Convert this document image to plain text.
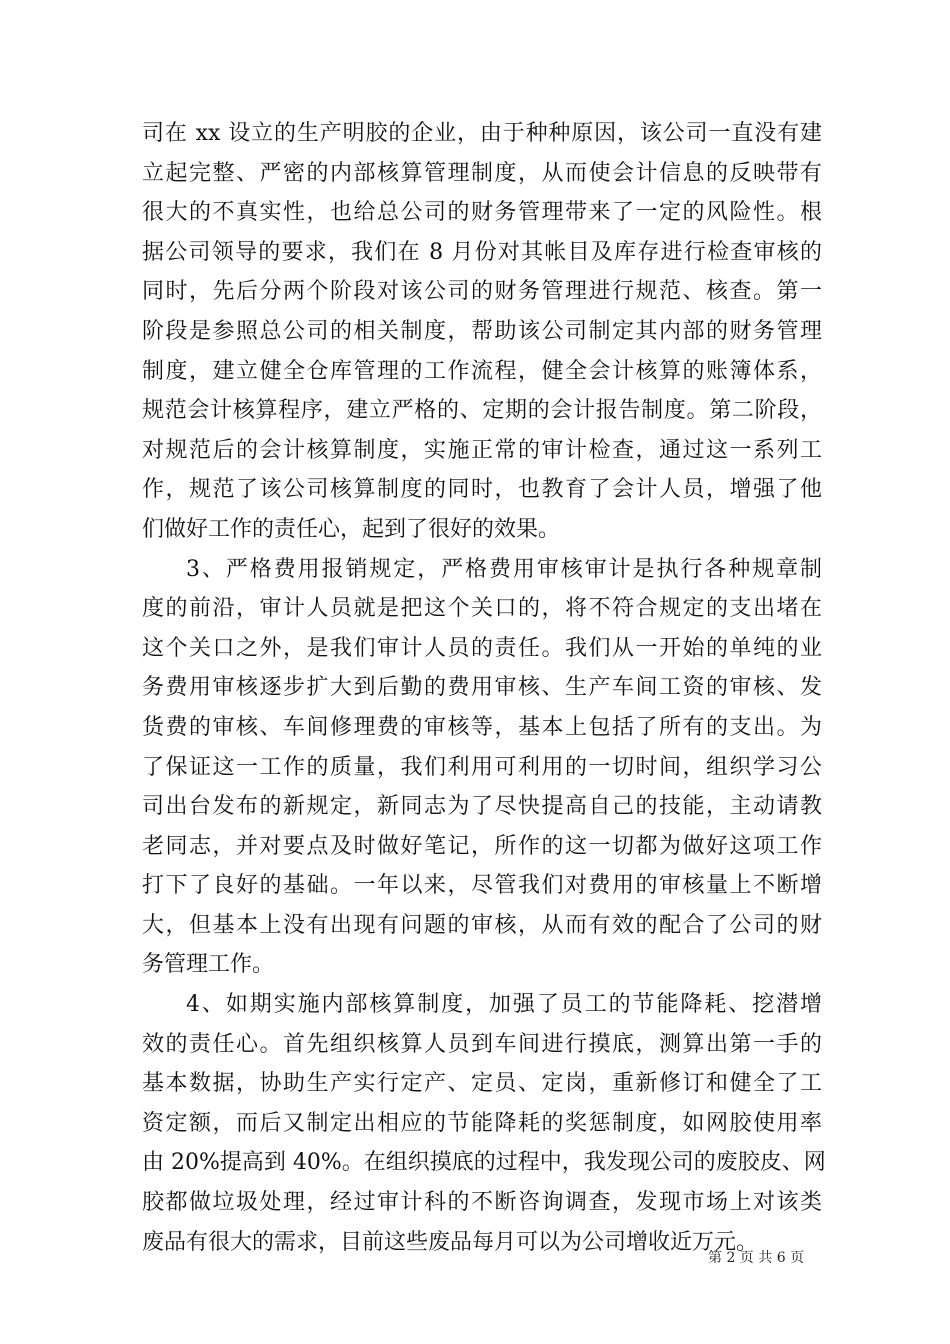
司在 xx 设立的生产明胶的企业，由于种种原因，该公司一直没有建
立起完整、严密的内部核算管理制度，从而使会计信息的反映带有
很大的不真实性，也给总公司的财务管理带来了一定的风险性。根
据公司领导的要求，我们在 8 月份对其帐目及库存进行检查审核的
同时，先后分两个阶段对该公司的财务管理进行规范、核查。第一
阶段是参照总公司的相关制度，帮助该公司制定其内部的财务管理
制度，建立健全仓库管理的工作流程，健全会计核算的账簿体系，
规范会计核算程序，建立严格的、定期的会计报告制度。第二阶段，
对规范后的会计核算制度，实施正常的审计检查，通过这一系列工
作，规范了该公司核算制度的同时，也教育了会计人员，增强了他
们做好工作的责任心，起到了很好的效果。
3、严格费用报销规定，严格费用审核审计是执行各种规章制
度的前沿，审计人员就是把这个关口的，将不符合规定的支出堵在
这个关口之外，是我们审计人员的责任。我们从一开始的单纯的业
务费用审核逐步扩大到后勤的费用审核、生产车间工资的审核、发
货费的审核、车间修理费的审核等，基本上包括了所有的支出。为
了保证这一工作的质量，我们利用可利用的一切时间，组织学习公
司出台发布的新规定，新同志为了尽快提高自己的技能，主动请教
老同志，并对要点及时做好笔记，所作的这一切都为做好这项工作
打下了良好的基础。一年以来，尽管我们对费用的审核量上不断增
大，但基本上没有出现有问题的审核，从而有效的配合了公司的财
务管理工作。
4、如期实施内部核算制度，加强了员工的节能降耗、挖潜增
效的责任心。首先组织核算人员到车间进行摸底，测算出第一手的
基本数据，协助生产实行定产、定员、定岗，重新修订和健全了工
资定额，而后又制定出相应的节能降耗的奖惩制度，如网胶使用率
由 20%提高到 40%。在组织摸底的过程中，我发现公司的废胶皮、网
胶都做垃圾处理，经过审计科的不断咨询调查，发现市场上对该类
废品有很大的需求，目前这些废品每月可以为公司增收近万元。
第 2 页 共 6 页
